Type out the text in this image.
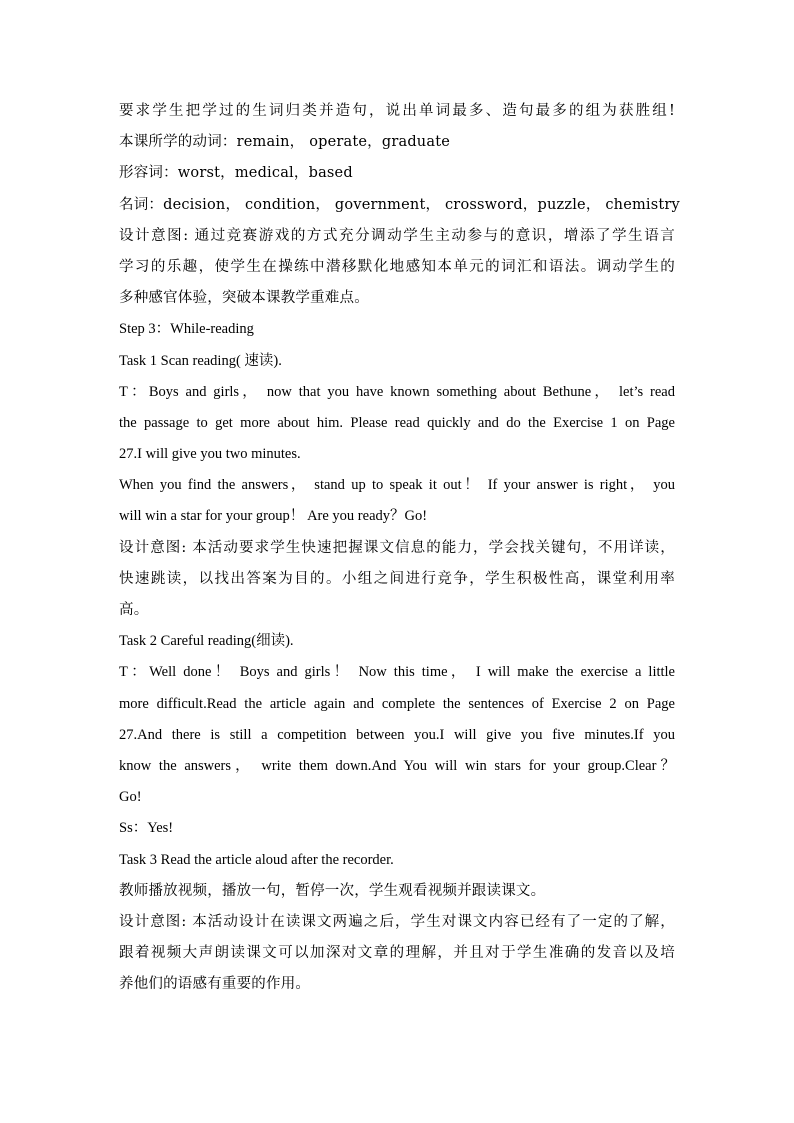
要求学生把学过的生词归类并造句，说出单词最多、造句最多的组为获胜组!
本课所学的动词：remain， operate，graduate
形容词：worst，medical，based
名词：decision， condition， government， crossword，puzzle， chemistry
设计意图: 通过竞赛游戏的方式充分调动学生主动参与的意识，增添了学生语言
学习的乐趣，使学生在操练中潜移默化地感知本单元的词汇和语法。调动学生的
多种感官体验，突破本课教学重难点。
Step 3：While-reading
Task 1 Scan reading( 速读).
T：Boys and girls， now that you have known something about Bethune， let’s read
the passage to get more about him. Please read quickly and do the Exercise 1 on Page
27.I will give you two minutes.
When you find the answers， stand up to speak it out！ If your answer is right， you
will win a star for your group！ Are you ready？Go!
设计意图: 本活动要求学生快速把握课文信息的能力，学会找关键句，不用详读，
快速跳读，以找出答案为目的。小组之间进行竞争，学生积极性高，课堂利用率
高。
Task 2 Careful reading(细读).
T：Well done！ Boys and girls！ Now this time， I will make the exercise a little
more difficult.Read the article again and complete the sentences of Exercise 2 on Page
27.And there is still a competition between you.I will give you five minutes.If you
know the answers， write them down.And You will win stars for your group.Clear？
Go!
Ss：Yes!
Task 3 Read the article aloud after the recorder.
教师播放视频，播放一句，暂停一次，学生观看视频并跟读课文。
设计意图: 本活动设计在读课文两遍之后，学生对课文内容已经有了一定的了解，
跟着视频大声朗读课文可以加深对文章的理解，并且对于学生准确的发音以及培
养他们的语感有重要的作用。
